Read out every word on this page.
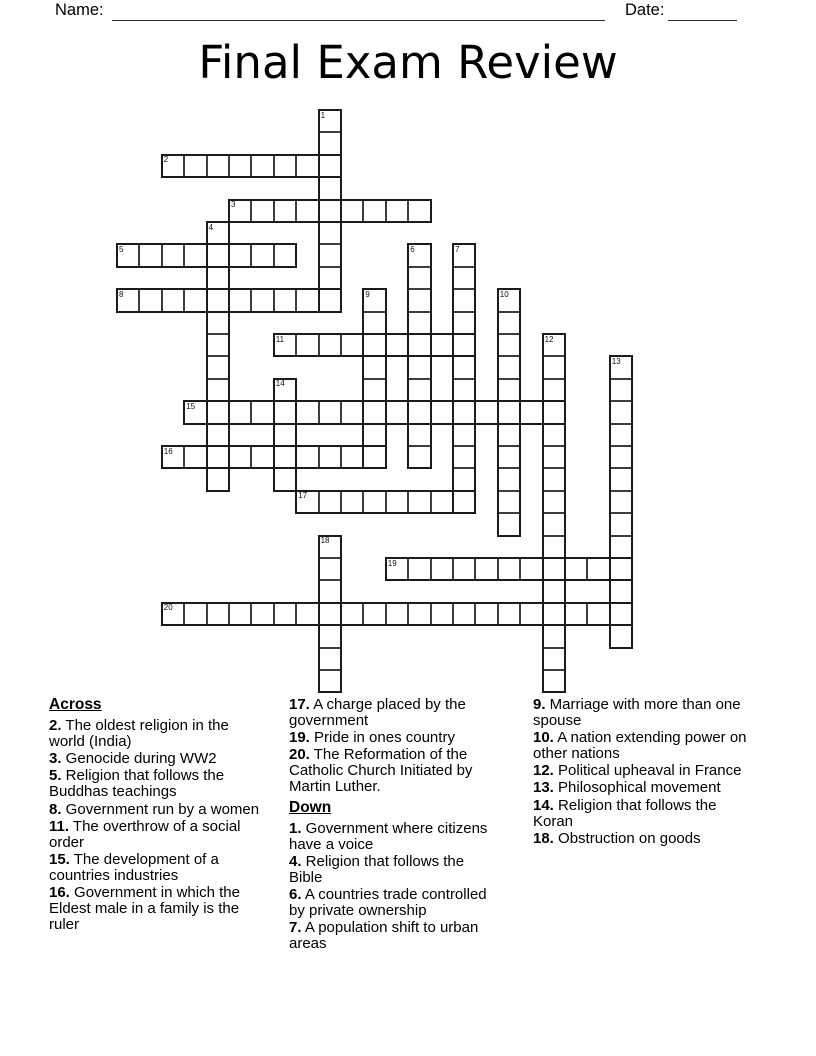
Name:	Date:
Final Exam Review
1
2
3
4
5	6	7
8	9	10
11	12
13
14
15
16
17
18
19
20

Across

2. The oldest religion in the world (India)

3. Genocide during WW2

5. Religion that follows the Buddhas teachings

8. Government run by a women

11. The overthrow of a social order

15. The development of a countries industries

16. Government in which the Eldest male in a family is the ruler

17. A charge placed by the government

19. Pride in ones country

20. The Reformation of the Catholic Church Initiated by Martin Luther.

Down

1. Government where citizens have a voice

4. Religion that follows the Bible

6. A countries trade controlled by private ownership

7. A population shift to urban areas

9. Marriage with more than one spouse

10. A nation extending power on other nations

12. Political upheaval in France

13. Philosophical movement

14. Religion that follows the Koran

18. Obstruction on goods
